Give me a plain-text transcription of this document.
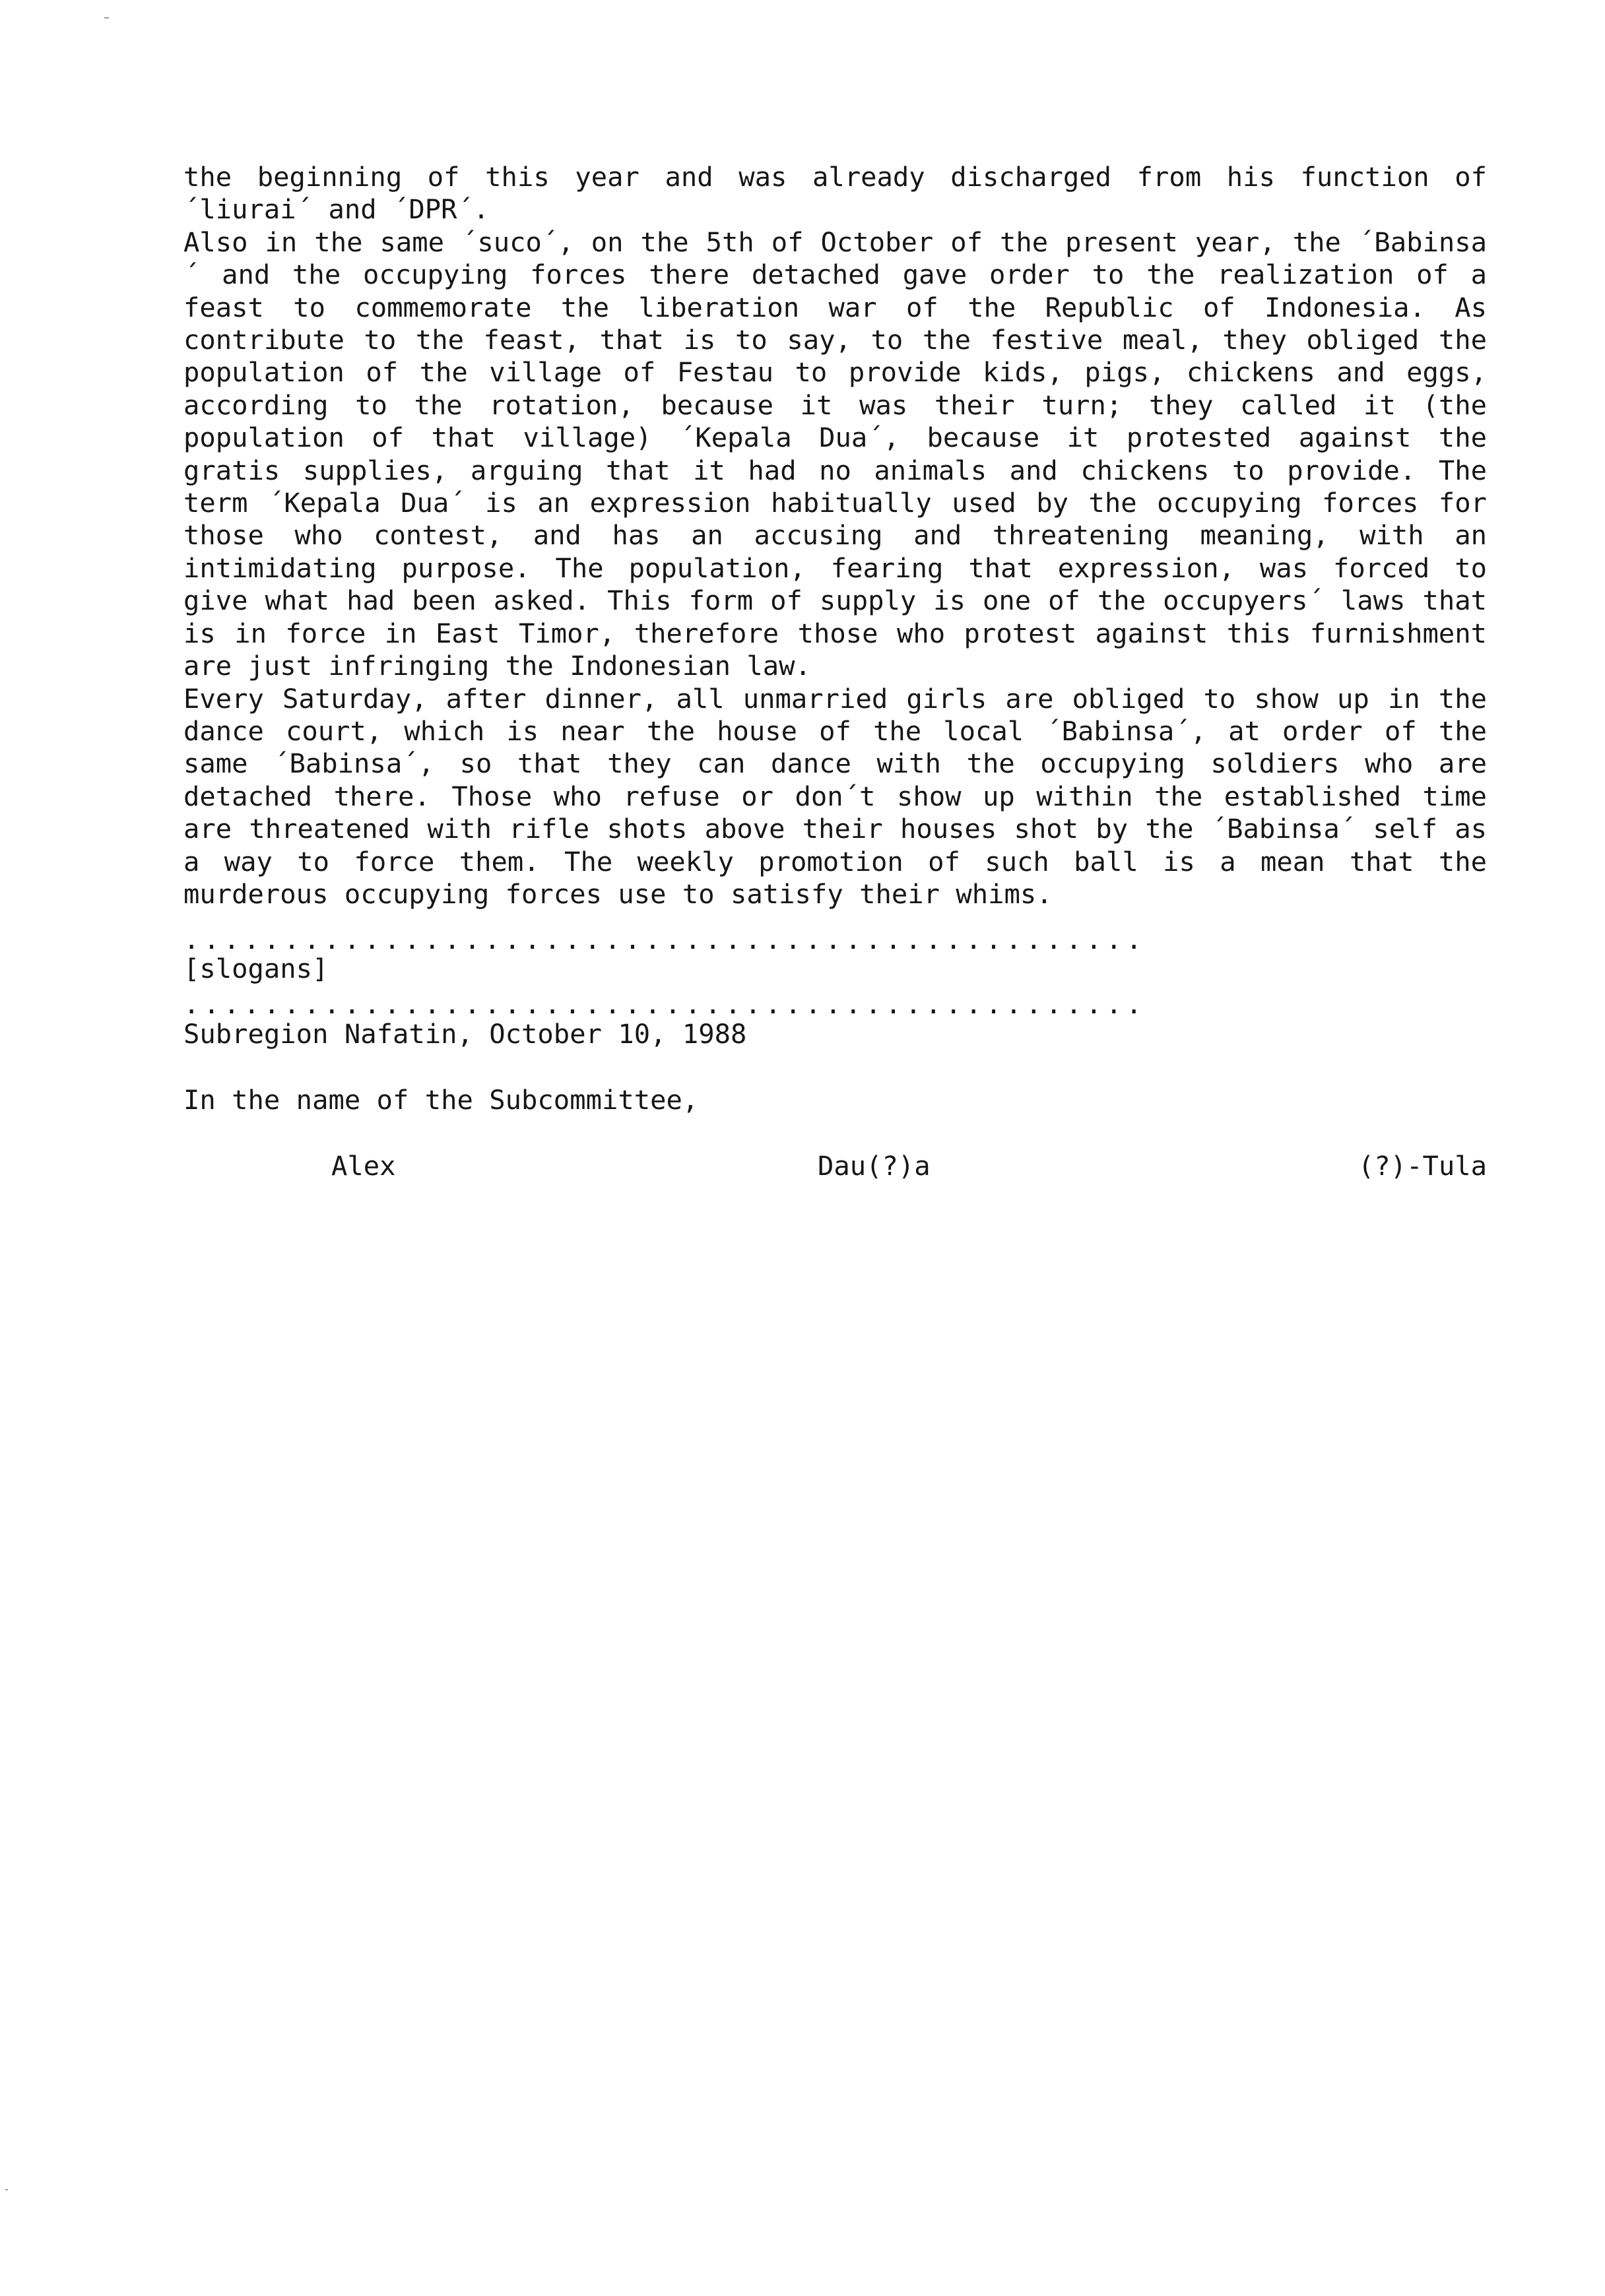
the beginning of this year and was already discharged from his function of ´liurai´ and ´DPR´.

Also in the same ´suco´, on the 5th of October of the present year, the ´Babinsa´ and the occupying forces there detached gave order to the realization of a feast to commemorate the liberation war of the Republic of Indonesia. As contribute to the feast, that is to say, to the festive meal, they obliged the population of the village of Festau to provide kids, pigs, chickens and eggs, according to the rotation, because it was their turn; they called it (the population of that village) ´Kepala Dua´, because it protested against the gratis supplies, arguing that it had no animals and chickens to provide. The term ´Kepala Dua´ is an expression habitually used by the occupying forces for those who contest, and has an accusing and threatening meaning, with an intimidating purpose. The population, fearing that expression, was forced to give what had been asked. This form of supply is one of the occupyers´ laws that is in force in East Timor, therefore those who protest against this furnishment are just infringing the Indonesian law.

Every Saturday, after dinner, all unmarried girls are obliged to show up in the dance court, which is near the house of the local ´Babinsa´, at order of the same ´Babinsa´, so that they can dance with the occupying soldiers who are detached there. Those who refuse or don´t show up within the established time are threatened with rifle shots above their houses shot by the ´Babinsa´ self as a way to force them. The weekly promotion of such ball is a mean that the murderous occupying forces use to satisfy their whims.

................................................
[slogans]
................................................
Subregion Nafatin, October 10, 1988
In the name of the Subcommittee,
Alex	Dau(?)a	(?)-Tula
